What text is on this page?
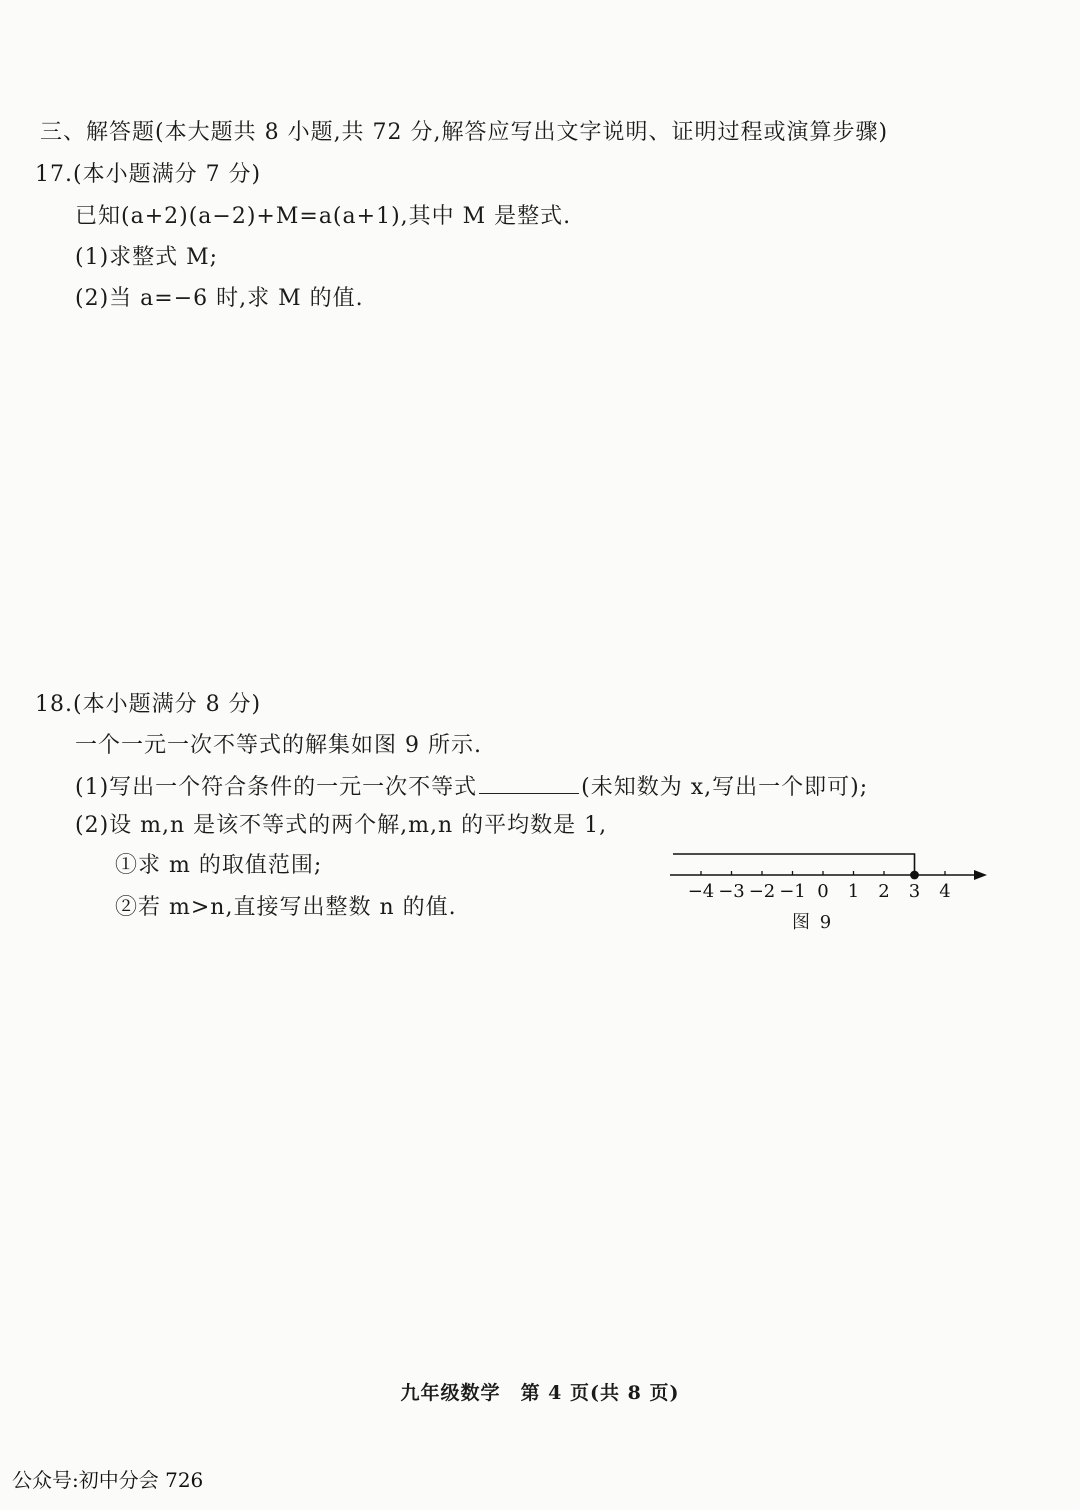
三、解答题(本大题共 8 小题,共 72 分,解答应写出文字说明、证明过程或演算步骤)
17.(本小题满分 7 分)
已知(a+2)(a−2)+M=a(a+1),其中 M 是整式.
(1)求整式 M;
(2)当 a=−6 时,求 M 的值.
18.(本小题满分 8 分)
一个一元一次不等式的解集如图 9 所示.
(1)写出一个符合条件的一元一次不等式	(未知数为 x,写出一个即可);
(2)设 m,n 是该不等式的两个解,m,n 的平均数是 1,
①求 m 的取值范围;
②若 m>n,直接写出整数 n 的值.
−4 −3 −2 −1 0 1 2 3 4
图 9
九年级数学 第 4 页(共 8 页)
公众号:初中分会 726
